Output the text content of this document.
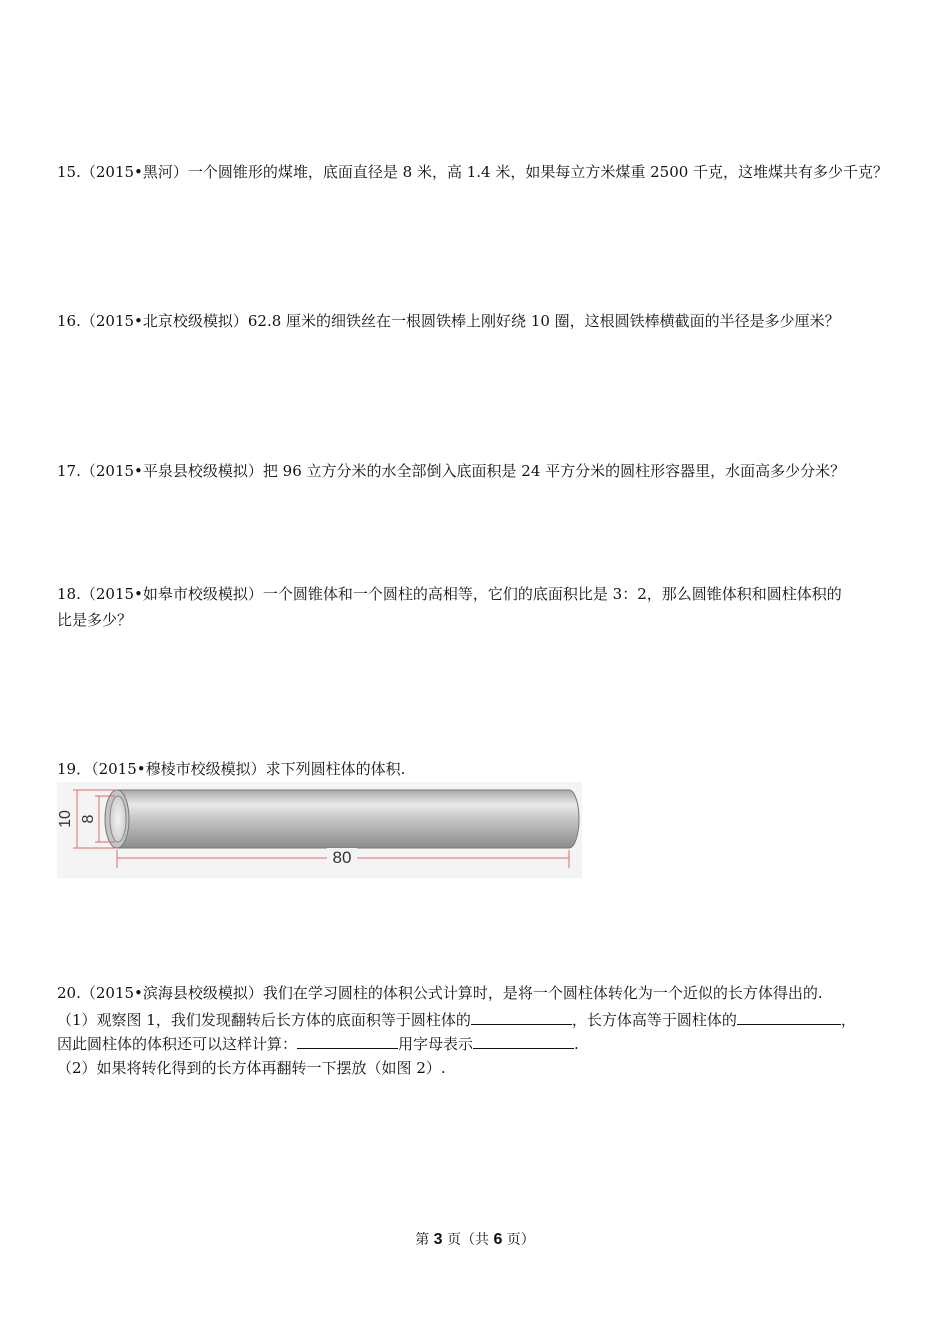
15.（2015•黑河）一个圆锥形的煤堆，底面直径是 8 米，高 1.4 米，如果每立方米煤重 2500 千克，这堆煤共有多少千克？
16.（2015•北京校级模拟）62.8 厘米的细铁丝在一根圆铁棒上刚好绕 10 圈，这根圆铁棒横截面的半径是多少厘米？
17.（2015•平泉县校级模拟）把 96 立方分米的水全部倒入底面积是 24 平方分米的圆柱形容器里，水面高多少分米？
18.（2015•如皋市校级模拟）一个圆锥体和一个圆柱的高相等，它们的底面积比是 3：2，那么圆锥体积和圆柱体积的
比是多少？
19．（2015•穆棱市校级模拟）求下列圆柱体的体积.
10 8
80
20.（2015•滨海县校级模拟）我们在学习圆柱的体积公式计算时，是将一个圆柱体转化为一个近似的长方体得出的.
（1）观察图 1，我们发现翻转后长方体的底面积等于圆柱体的	，长方体高等于圆柱体的	，
因此圆柱体的体积还可以这样计算：	用字母表示	.
（2）如果将转化得到的长方体再翻转一下摆放（如图 2）.
第 3 页（共 6 页）
